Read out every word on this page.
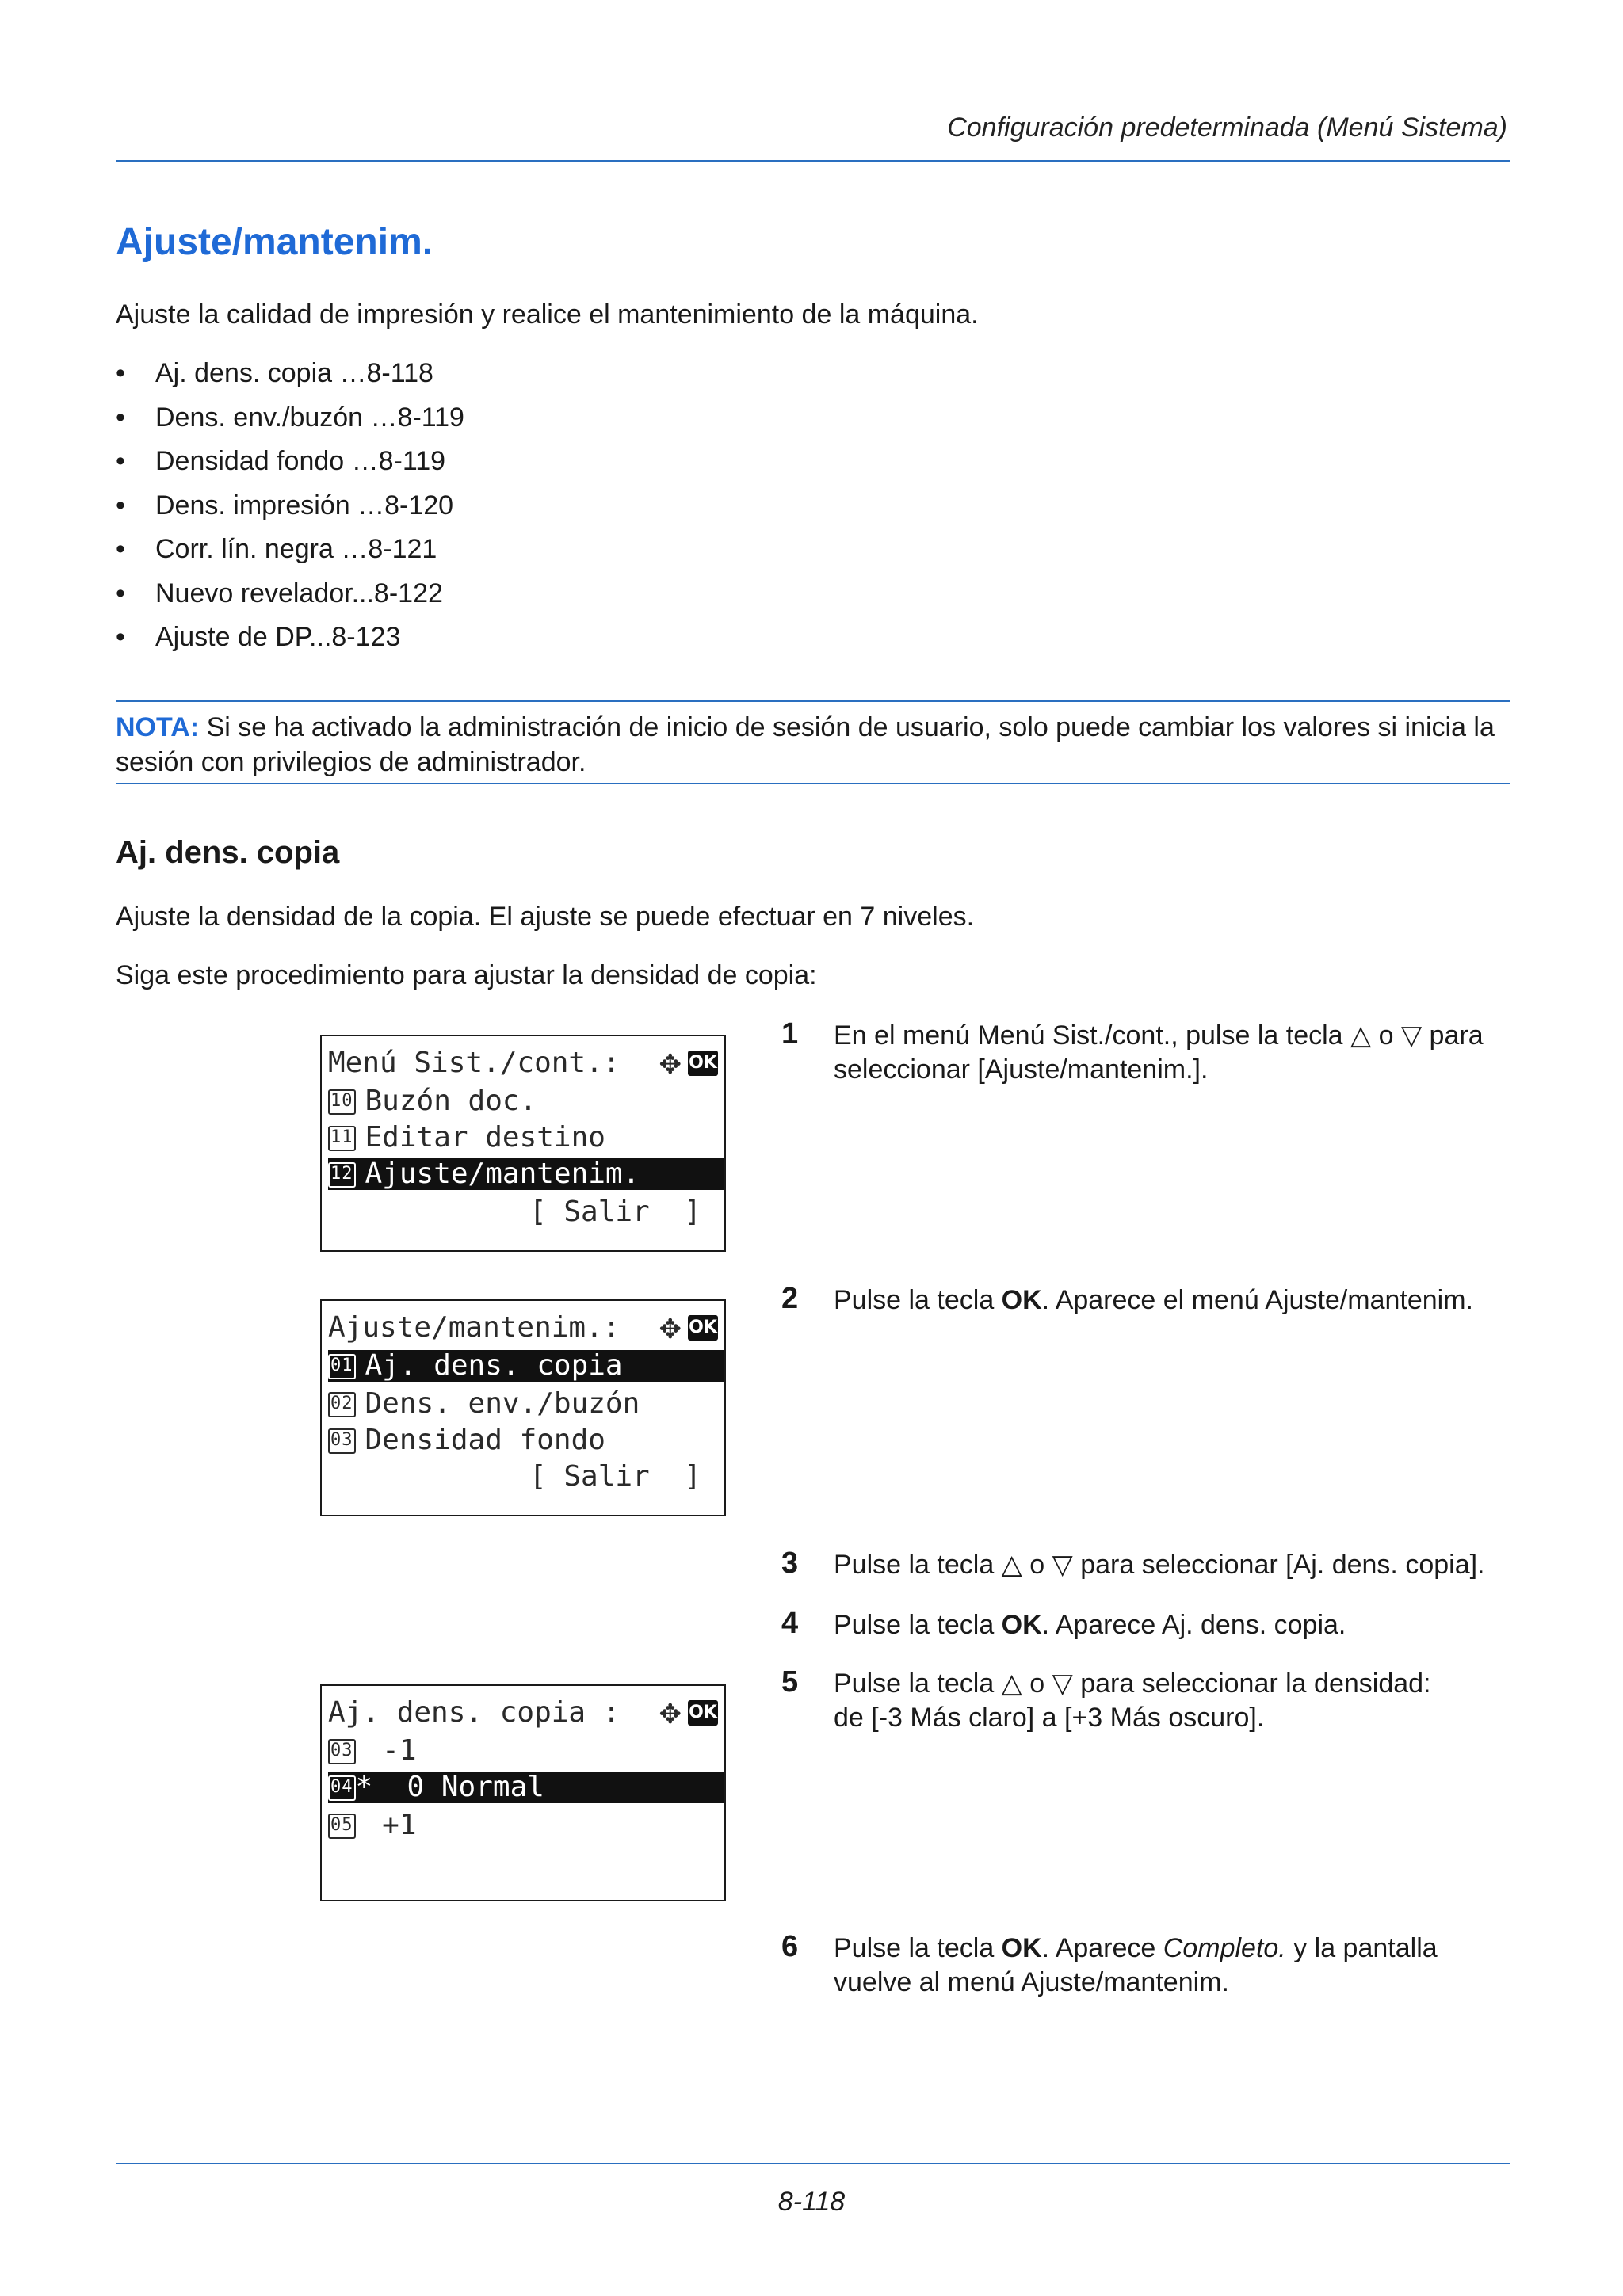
Configuración predeterminada (Menú Sistema)
Ajuste/mantenim.
Ajuste la calidad de impresión y realice el mantenimiento de la máquina.
•	Aj. dens. copia …8-118
•	Dens. env./buzón …8-119
•	Densidad fondo …8-119
•	Dens. impresión …8-120
•	Corr. lín. negra …8-121
•	Nuevo revelador...8-122
•	Ajuste de DP...8-123
NOTA: Si se ha activado la administración de inicio de sesión de usuario, solo puede cambiar los valores si inicia la sesión con privilegios de administrador.
Aj. dens. copia
Ajuste la densidad de la copia. El ajuste se puede efectuar en 7 niveles.
Siga este procedimiento para ajustar la densidad de copia:
Menú Sist./cont.:	✥ OK
10 Buzón doc.
11 Editar destino
12 Ajuste/mantenim.
[ Salir  ]
Ajuste/mantenim.:	✥ OK
01 Aj. dens. copia
02 Dens. env./buzón
03 Densidad fondo
[ Salir  ]
Aj. dens. copia :	✥ OK
03 -1
04*  0 Normal
05 +1
1 En el menú Menú Sist./cont., pulse la tecla △ o ▽ para
seleccionar [Ajuste/mantenim.].
2 Pulse la tecla OK. Aparece el menú Ajuste/mantenim.
3 Pulse la tecla △ o ▽ para seleccionar [Aj. dens. copia].
4 Pulse la tecla OK. Aparece Aj. dens. copia.
5 Pulse la tecla △ o ▽ para seleccionar la densidad:
de [-3 Más claro] a [+3 Más oscuro].
6 Pulse la tecla OK. Aparece Completo. y la pantalla
vuelve al menú Ajuste/mantenim.
8-118
